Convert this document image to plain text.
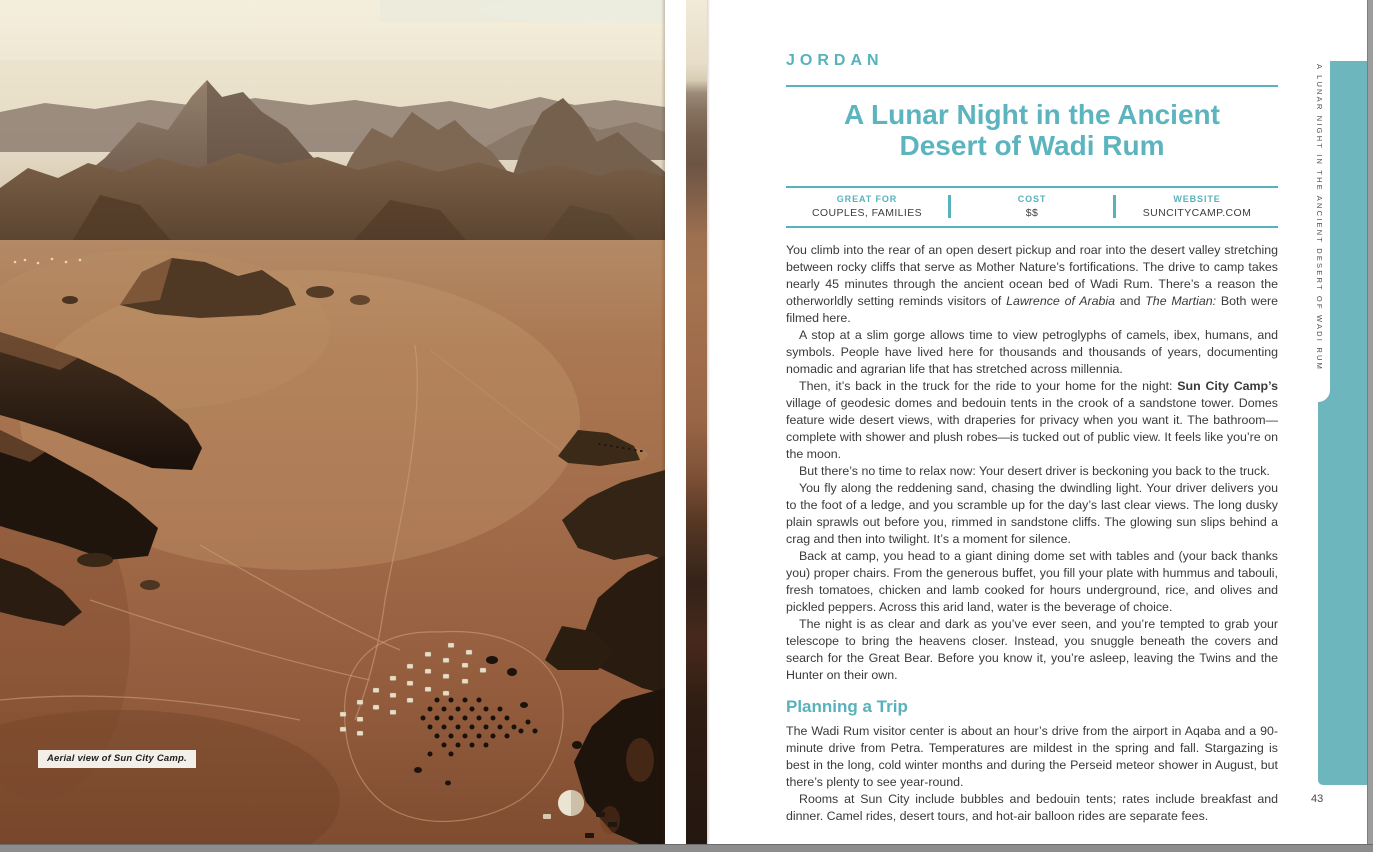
Aerial view of Sun City Camp.
JORDAN
A Lunar Night in the Ancient
Desert of Wadi Rum
GREAT FOR
COUPLES, FAMILIES
COST
$$
WEBSITE
SUNCITYCAMP.COM

You climb into the rear of an open desert pickup and roar into the desert valley stretching between rocky cliffs that serve as Mother Nature’s fortifications. The drive to camp takes nearly 45 minutes through the ancient ocean bed of Wadi Rum. There’s a reason the otherworldly setting reminds visitors of Lawrence of Arabia and The Martian: Both were filmed here.

A stop at a slim gorge allows time to view petroglyphs of camels, ibex, humans, and symbols. People have lived here for thousands and thousands of years, documenting nomadic and agrarian life that has stretched across millennia.

Then, it’s back in the truck for the ride to your home for the night: Sun City Camp’s village of geodesic domes and bedouin tents in the crook of a sandstone tower. Domes feature wide desert views, with draperies for privacy when you want it. The bathroom—complete with shower and plush robes—is tucked out of public view. It feels like you’re on the moon.

But there’s no time to relax now: Your desert driver is beckoning you back to the truck.

You fly along the reddening sand, chasing the dwindling light. Your driver delivers you to the foot of a ledge, and you scramble up for the day’s last clear views. The long dusky plain sprawls out before you, rimmed in sandstone cliffs. The glowing sun slips behind a crag and then into twilight. It’s a moment for silence.

Back at camp, you head to a giant dining dome set with tables and (your back thanks you) proper chairs. From the generous buffet, you fill your plate with hummus and tabouli, fresh tomatoes, chicken and lamb cooked for hours underground, rice, and olives and pickled peppers. Across this arid land, water is the beverage of choice.

The night is as clear and dark as you’ve ever seen, and you’re tempted to grab your telescope to bring the heavens closer. Instead, you snuggle beneath the covers and search for the Great Bear. Before you know it, you’re asleep, leaving the Twins and the Hunter on their own.

Planning a Trip

The Wadi Rum visitor center is about an hour’s drive from the airport in Aqaba and a 90-minute drive from Petra. Temperatures are mildest in the spring and fall. Stargazing is best in the long, cold winter months and during the Perseid meteor shower in August, but there’s plenty to see year-round.

Rooms at Sun City include bubbles and bedouin tents; rates include breakfast and dinner. Camel rides, desert tours, and hot-air balloon rides are separate fees.

A LUNAR NIGHT IN THE ANCIENT DESERT OF WADI RUM
43
